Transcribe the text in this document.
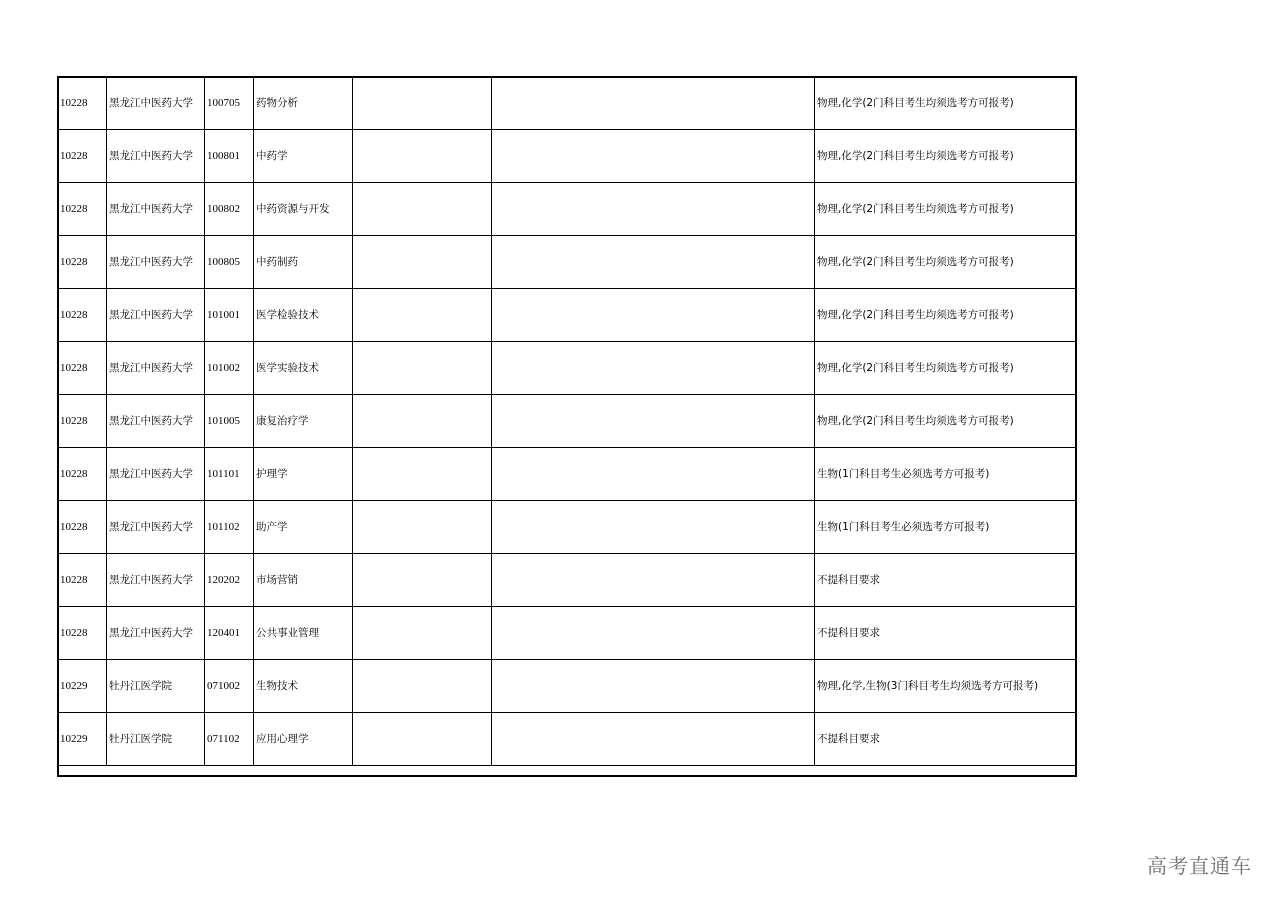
10228	黑龙江中医药大学	100705	药物分析			物理,化学(2门科目考生均须选考方可报考)
10228	黑龙江中医药大学	100801	中药学			物理,化学(2门科目考生均须选考方可报考)
10228	黑龙江中医药大学	100802	中药资源与开发			物理,化学(2门科目考生均须选考方可报考)
10228	黑龙江中医药大学	100805	中药制药			物理,化学(2门科目考生均须选考方可报考)
10228	黑龙江中医药大学	101001	医学检验技术			物理,化学(2门科目考生均须选考方可报考)
10228	黑龙江中医药大学	101002	医学实验技术			物理,化学(2门科目考生均须选考方可报考)
10228	黑龙江中医药大学	101005	康复治疗学			物理,化学(2门科目考生均须选考方可报考)
10228	黑龙江中医药大学	101101	护理学			生物(1门科目考生必须选考方可报考)
10228	黑龙江中医药大学	101102	助产学			生物(1门科目考生必须选考方可报考)
10228	黑龙江中医药大学	120202	市场营销			不提科目要求
10228	黑龙江中医药大学	120401	公共事业管理			不提科目要求
10229	牡丹江医学院	071002	生物技术			物理,化学,生物(3门科目考生均须选考方可报考)
10229	牡丹江医学院	071102	应用心理学			不提科目要求
高考直通车
